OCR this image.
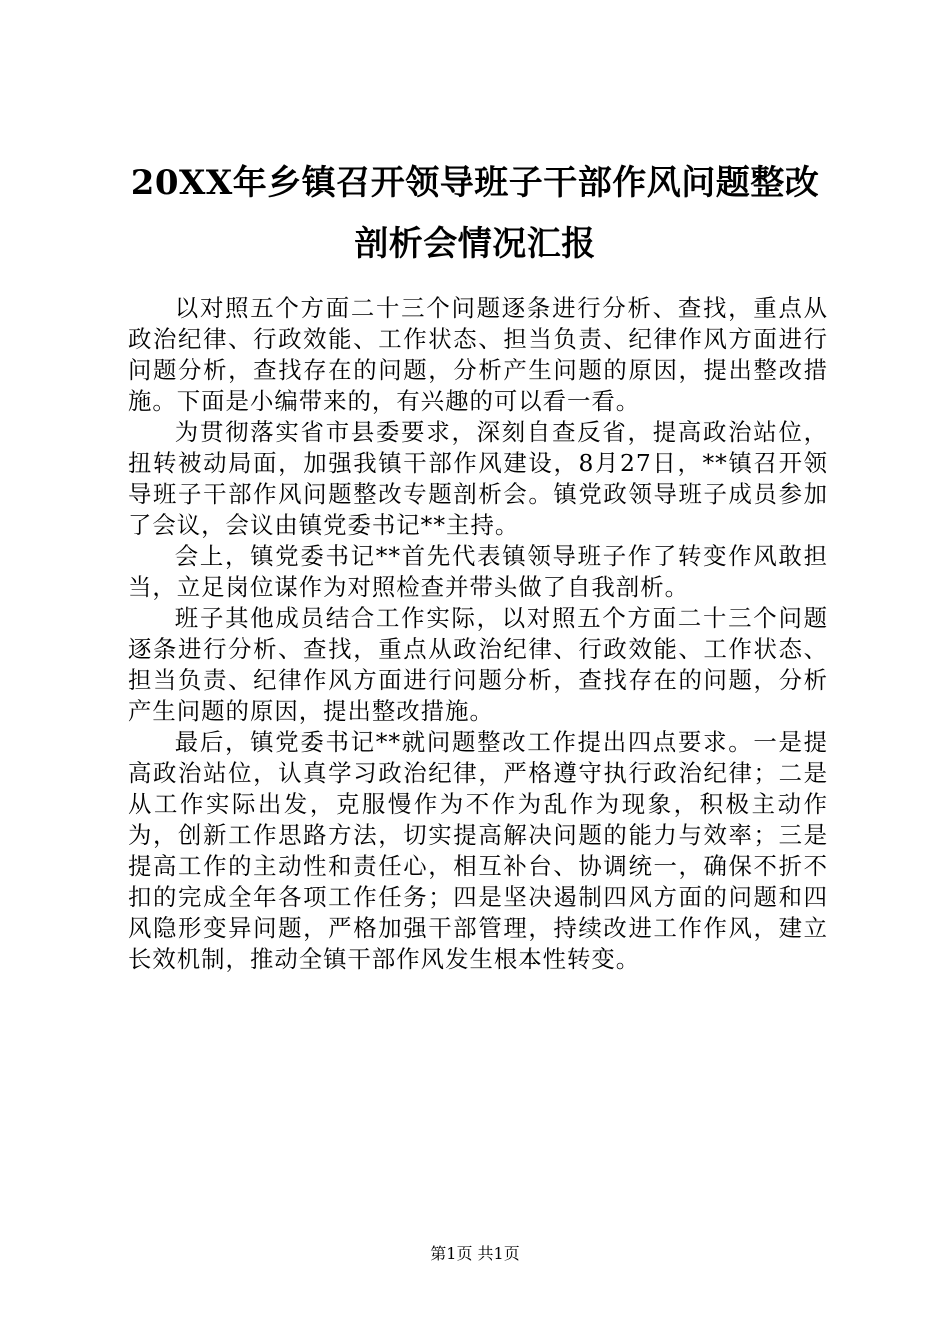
20XX年乡镇召开领导班子干部作风问题整改
剖析会情况汇报

以对照五个方面二十三个问题逐条进行分析、查找，重点从政治纪律、行政效能、工作状态、担当负责、纪律作风方面进行问题分析，查找存在的问题，分析产生问题的原因，提出整改措施。下面是小编带来的，有兴趣的可以看一看。

为贯彻落实省市县委要求，深刻自查反省，提高政治站位，扭转被动局面，加强我镇干部作风建设，8月27日，**镇召开领导班子干部作风问题整改专题剖析会。镇党政领导班子成员参加了会议，会议由镇党委书记**主持。

会上，镇党委书记**首先代表镇领导班子作了转变作风敢担当，立足岗位谋作为对照检查并带头做了自我剖析。

班子其他成员结合工作实际，以对照五个方面二十三个问题逐条进行分析、查找，重点从政治纪律、行政效能、工作状态、担当负责、纪律作风方面进行问题分析，查找存在的问题，分析产生问题的原因，提出整改措施。

最后，镇党委书记**就问题整改工作提出四点要求。一是提高政治站位，认真学习政治纪律，严格遵守执行政治纪律；二是从工作实际出发，克服慢作为不作为乱作为现象，积极主动作为，创新工作思路方法，切实提高解决问题的能力与效率；三是提高工作的主动性和责任心，相互补台、协调统一，确保不折不扣的完成全年各项工作任务；四是坚决遏制四风方面的问题和四风隐形变异问题，严格加强干部管理，持续改进工作作风，建立长效机制，推动全镇干部作风发生根本性转变。

第1页 共1页
